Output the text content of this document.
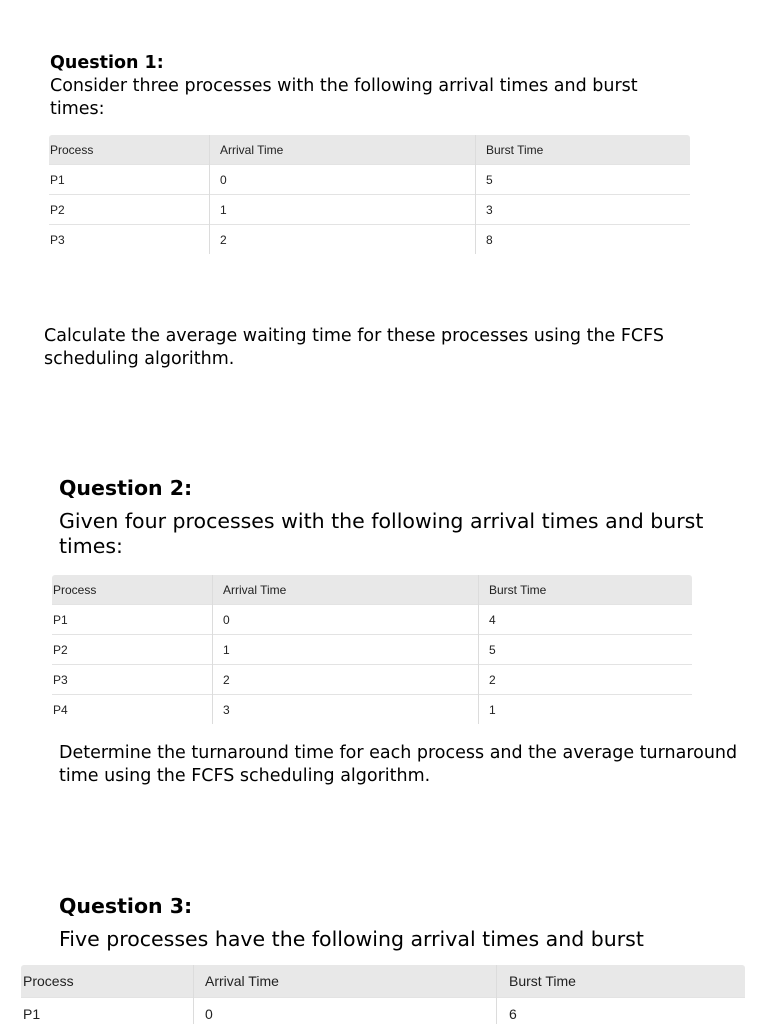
Question 1:

Consider three processes with the following arrival times and burst times:

Process	Arrival Time	Burst Time
P1	0	5
P2	1	3
P3	2	8

Calculate the average waiting time for these processes using the FCFS scheduling algorithm.

Question 2:

Given four processes with the following arrival times and burst times:

Process	Arrival Time	Burst Time
P1	0	4
P2	1	5
P3	2	2
P4	3	1

Determine the turnaround time for each process and the average turnaround time using the FCFS scheduling algorithm.

Question 3:

Five processes have the following arrival times and burst

Process	Arrival Time	Burst Time
P1	0	6
